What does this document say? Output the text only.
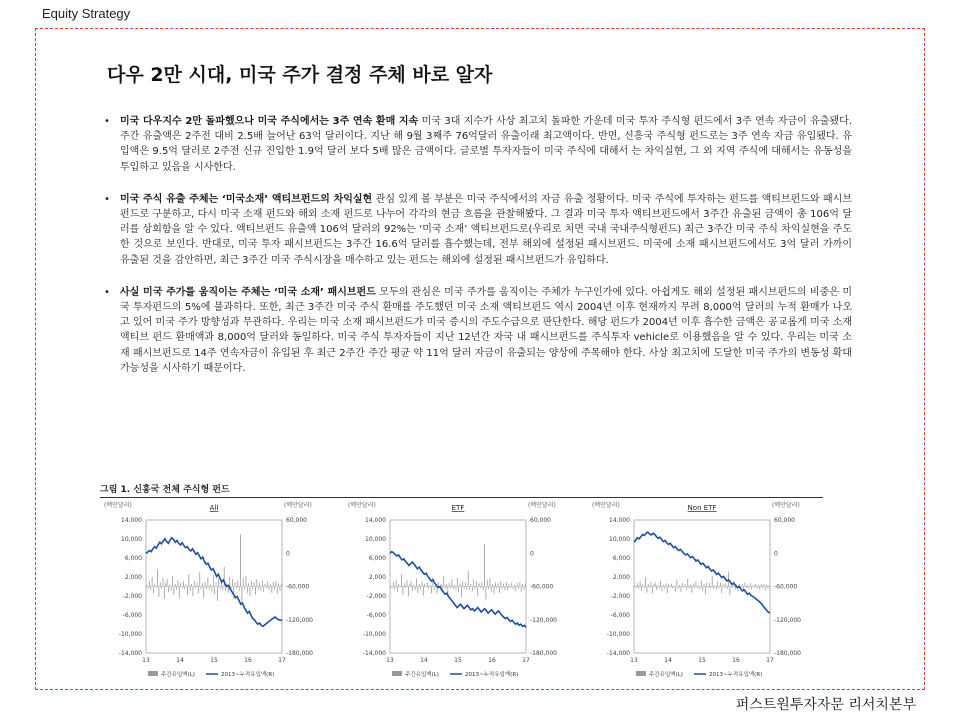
Equity Strategy
다우 2만 시대, 미국 주가 결정 주체 바로 알자
• 미국 다우지수 2만 돌파했으나 미국 주식에서는 3주 연속 환매 지속 미국 3대 지수가 사상 최고치 돌파한 가운데 미국 투자 주식형 펀드에서 3주 연속 자금이 유출됐다. 주간 유출액은 2주전 대비 2.5배 늘어난 63억 달러이다. 지난 해 9월 3째주 76억달러 유출이래 최고액이다. 반면, 신흥국 주식형 펀드로는 3주 연속 자금 유입됐다. 유입액은 9.5억 달러로 2주전 신규 진입한 1.9억 달러 보다 5배 많은 금액이다. 글로벌 투자자들이 미국 주식에 대해서 는 차익실현, 그 외 지역 주식에 대해서는 유동성을 투입하고 있음을 시사한다.
• 미국 주식 유출 주체는 ‘미국소재’ 액티브펀드의 차익실현 관심 있게 볼 부분은 미국 주식에서의 자금 유출 정황이다. 미국 주식에 투자하는 펀드를 액티브펀드와 패시브 펀드로 구분하고, 다시 미국 소재 펀드와 해외 소재 펀드로 나누어 각각의 현금 흐름을 관찰해봤다. 그 결과 미국 투자 액티브펀드에서 3주간 유출된 금액이 총 106억 달러를 상회함을 알 수 있다. 액티브펀드 유출액 106억 달러의 92%는 ‘미국 소재’ 액티브펀드로(우리로 치면 국내 국내주식형펀드) 최근 3주간 미국 주식 차익실현을 주도한 것으로 보인다. 반대로, 미국 투자 패시브펀드는 3주간 16.6억 달러를 흡수했는데, 전부 해외에 설정된 패시브펀드. 미국에 소재 패시브펀드에서도 3억 달러 가까이 유출된 것을 감안하면, 최근 3주간 미국 주식시장을 매수하고 있는 펀드는 해외에 설정된 패시브펀드가 유입하다.
• 사실 미국 주가를 움직이는 주체는 ‘미국 소재’ 패시브펀드 모두의 관심은 미국 주가를 움직이는 주체가 누구인가에 있다. 아쉽게도 해외 설정된 패시브펀드의 비중은 미국 투자펀드의 5%에 불과하다. 또한, 최근 3주간 미국 주식 환매를 주도했던 미국 소재 액티브펀드 역시 2004년 이후 현재까지 무려 8,000억 달러의 누적 환매가 나오고 있어 미국 주가 방향성과 무관하다. 우리는 미국 소재 패시브펀드가 미국 증시의 주도수급으로 판단한다. 해당 펀드가 2004년 이후 흡수한 금액은 공교롭게 미국 소재 액티브 펀드 환매액과 8,000억 달러와 동일하다. 미국 주식 투자자들이 지난 12년간 자국 내 패시브펀드를 주식투자 vehicle로 이용했음을 알 수 있다. 우리는 미국 소재 패시브펀드로 14주 연속자금이 유입된 후 최근 2주간 주간 평균 약 11억 달러 자금이 유출되는 양상에 주목해야 한다. 사상 최고치에 도달한 미국 주가의 변동성 확대 가능성을 시사하기 때문이다.
그림 1. 신흥국 전체 주식형 펀드
(백만달러)	(백만달러)
All
14,000
10,000
6,000
2,000
-2,000
-6,000
-10,000
-14,000
60,000
0
-60,000
-120,000
-180,000
13	14	15	16	17
주간유입액(L)	2013~누적유입액(R)
(백만달러)	(백만달러)
ETF
14,000
10,000
6,000
2,000
-2,000
-6,000
-10,000
-14,000
60,000
0
-60,000
-120,000
-180,000
13	14	15	16	17
주간유입액(L)	2013~누적유입액(R)
(백만달러)	(백만달러)
Non ETF
14,000
10,000
6,000
2,000
-2,000
-6,000
-10,000
-14,000
60,000
0
-60,000
-120,000
-180,000
13	14	15	16	17
주간유입액(L)	2013~누적유입액(R)
퍼스트원투자자문 리서치본부
